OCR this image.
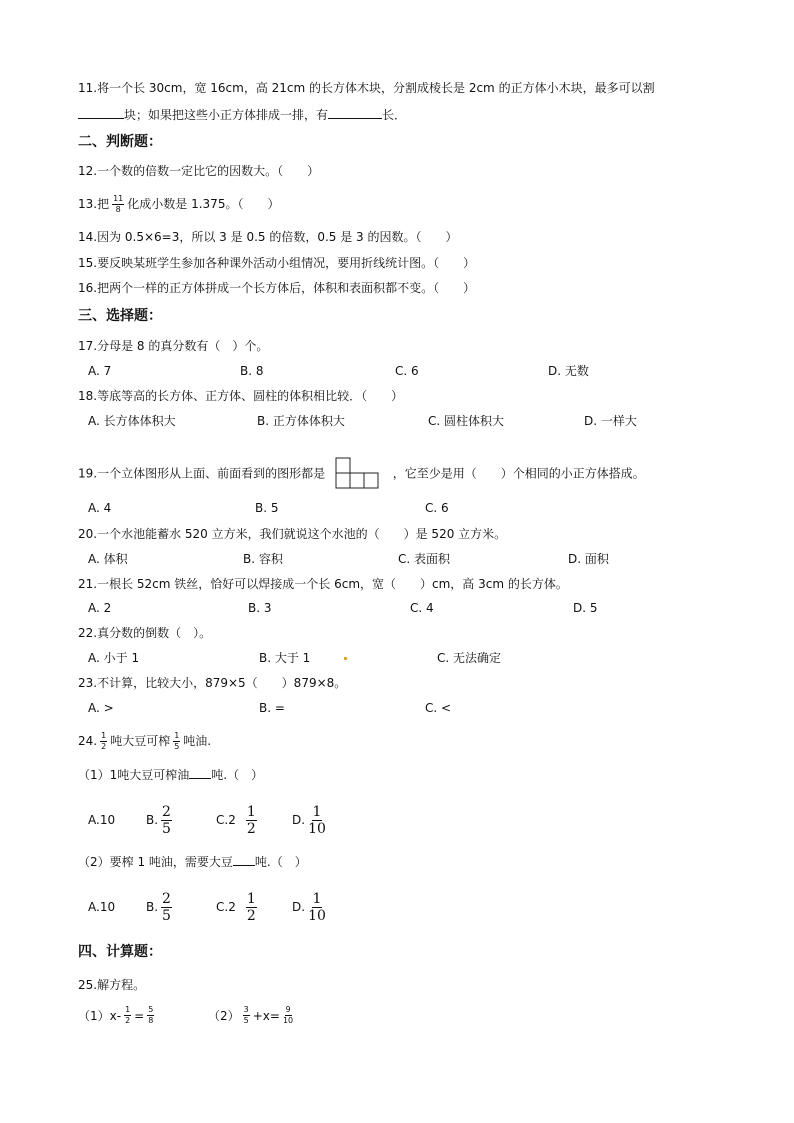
11.将一个长 30cm，宽 16cm，高 21cm 的长方体木块，分割成棱长是 2cm 的正方体小木块，最多可以割
块；如果把这些小正方体排成一排，有	长．
二、判断题：
12.一个数的倍数一定比它的因数大。（　　）
13.把 $\frac{11}{8}$ 化成小数是 1.375。（　　）
14.因为 0.5×6=3，所以 3 是 0.5 的倍数，0.5 是 3 的因数。（　　）
15.要反映某班学生参加各种课外活动小组情况，要用折线统计图。（　　）
16.把两个一样的正方体拼成一个长方体后，体积和表面积都不变。（　　）
三、选择题：
17.分母是 8 的真分数有（　）个。
A. 7	B. 8	C. 6	D. 无数
18.等底等高的长方体、正方体、圆柱的体积相比较．（　　）
A. 长方体体积大	B. 正方体体积大	C. 圆柱体积大	D. 一样大
19.一个立体图形从上面、前面看到的图形都是	，它至少是用（　　）个相同的小正方体搭成。
A. 4	B. 5	C. 6
20.一个水池能蓄水 520 立方米，我们就说这个水池的（　　）是 520 立方米。
A. 体积	B. 容积	C. 表面积	D. 面积
21.一根长 52cm 铁丝，恰好可以焊接成一个长 6cm，宽（　　）cm，高 3cm 的长方体。
A. 2	B. 3	C. 4	D. 5
22.真分数的倒数（　）。
A. 小于 1	B. 大于 1	C. 无法确定
23.不计算，比较大小，879×5（　　）879×8。
A. >	B. =	C. <
24. $\frac{1}{2}$ 吨大豆可榨 $\frac{1}{5}$ 吨油.
（1）1吨大豆可榨油 吨.（　）
A.10	B. $\frac{2}{5}$	$C.2 \frac{1}{2}$	D. $\frac{1}{10}$
（2）要榨 1 吨油，需要大豆 吨.（　）
A.10	B. $\frac{2}{5}$	$C.2 \frac{1}{2}$	D. $\frac{1}{10}$
四、计算题：
25.解方程。
$(1)x- \frac{1}{2} = \frac{5}{8}$	$(2) \frac{3}{5} +x= \frac{9}{10}$
